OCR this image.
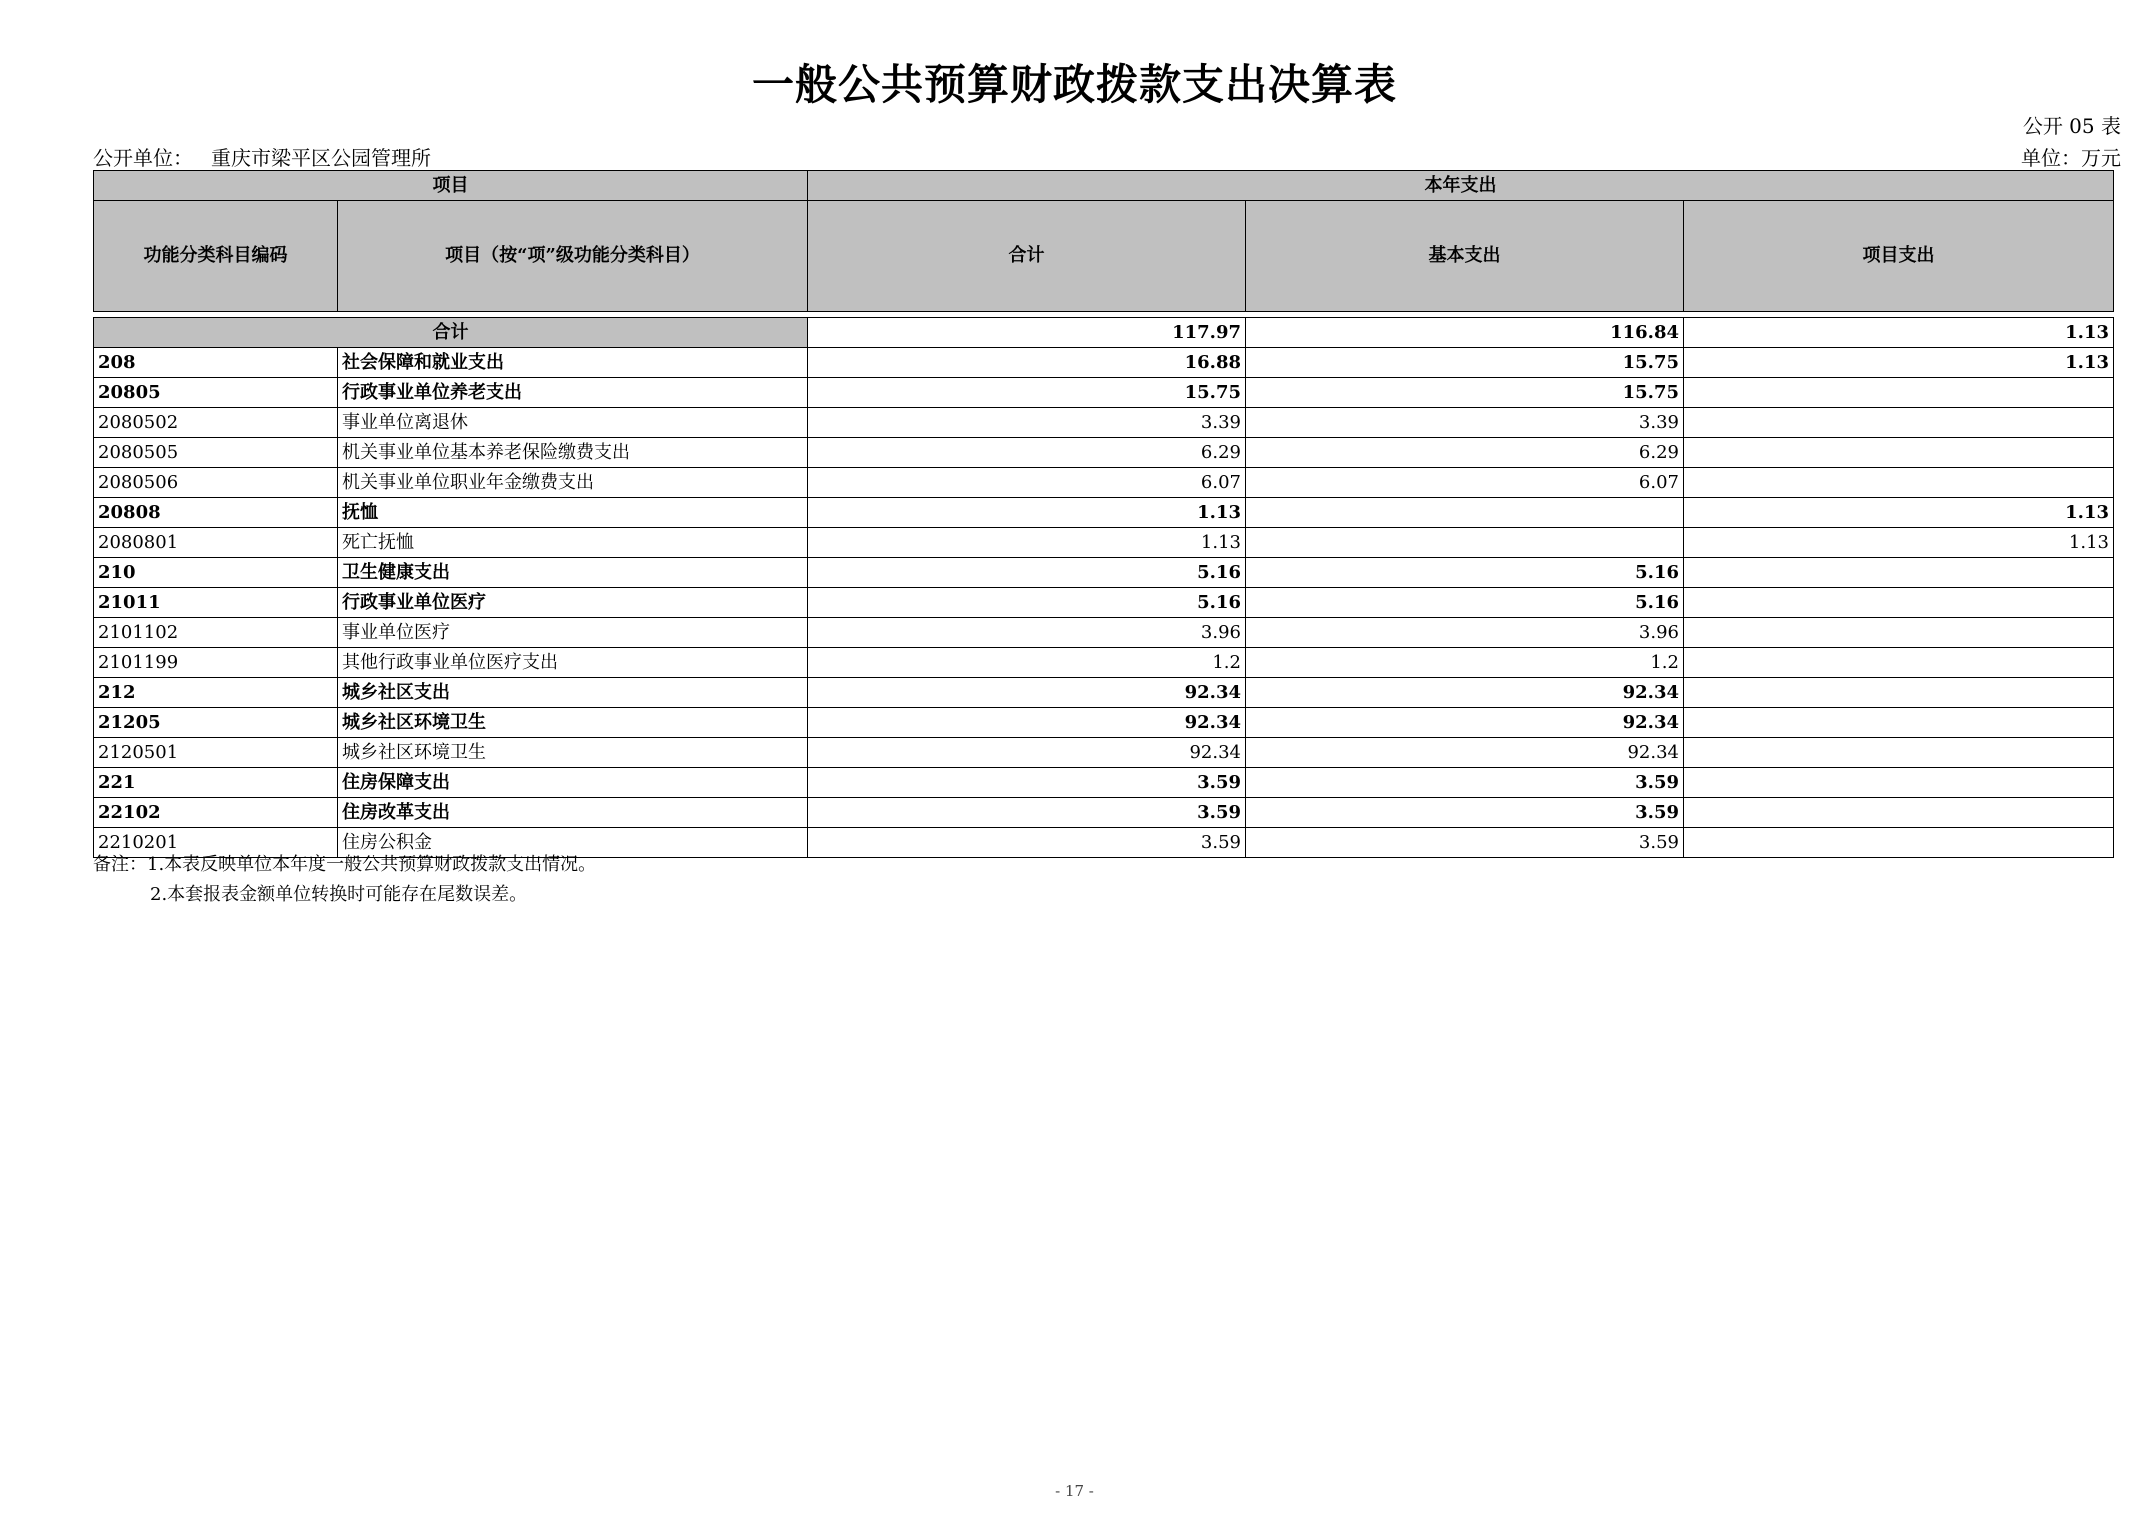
一般公共预算财政拨款支出决算表
公开 05 表
公开单位： 重庆市梁平区公园管理所	单位：万元
项目		本年支出		
功能分类科目编码	项目（按“项”级功能分类科目）	合计	基本支出	项目支出

合计		117.97	116.84	1.13
208	社会保障和就业支出	16.88	15.75	1.13
20805	行政事业单位养老支出	15.75	15.75	
2080502	事业单位离退休	3.39	3.39	
2080505	机关事业单位基本养老保险缴费支出	6.29	6.29	
2080506	机关事业单位职业年金缴费支出	6.07	6.07	
20808	抚恤	1.13		1.13
2080801	死亡抚恤	1.13		1.13
210	卫生健康支出	5.16	5.16	
21011	行政事业单位医疗	5.16	5.16	
2101102	事业单位医疗	3.96	3.96	
2101199	其他行政事业单位医疗支出	1.2	1.2	
212	城乡社区支出	92.34	92.34	
21205	城乡社区环境卫生	92.34	92.34	
2120501	城乡社区环境卫生	92.34	92.34	
221	住房保障支出	3.59	3.59	
22102	住房改革支出	3.59	3.59	
2210201	住房公积金	3.59	3.59	
备注：1.本表反映单位本年度一般公共预算财政拨款支出情况。
2.本套报表金额单位转换时可能存在尾数误差。
- 17 -
